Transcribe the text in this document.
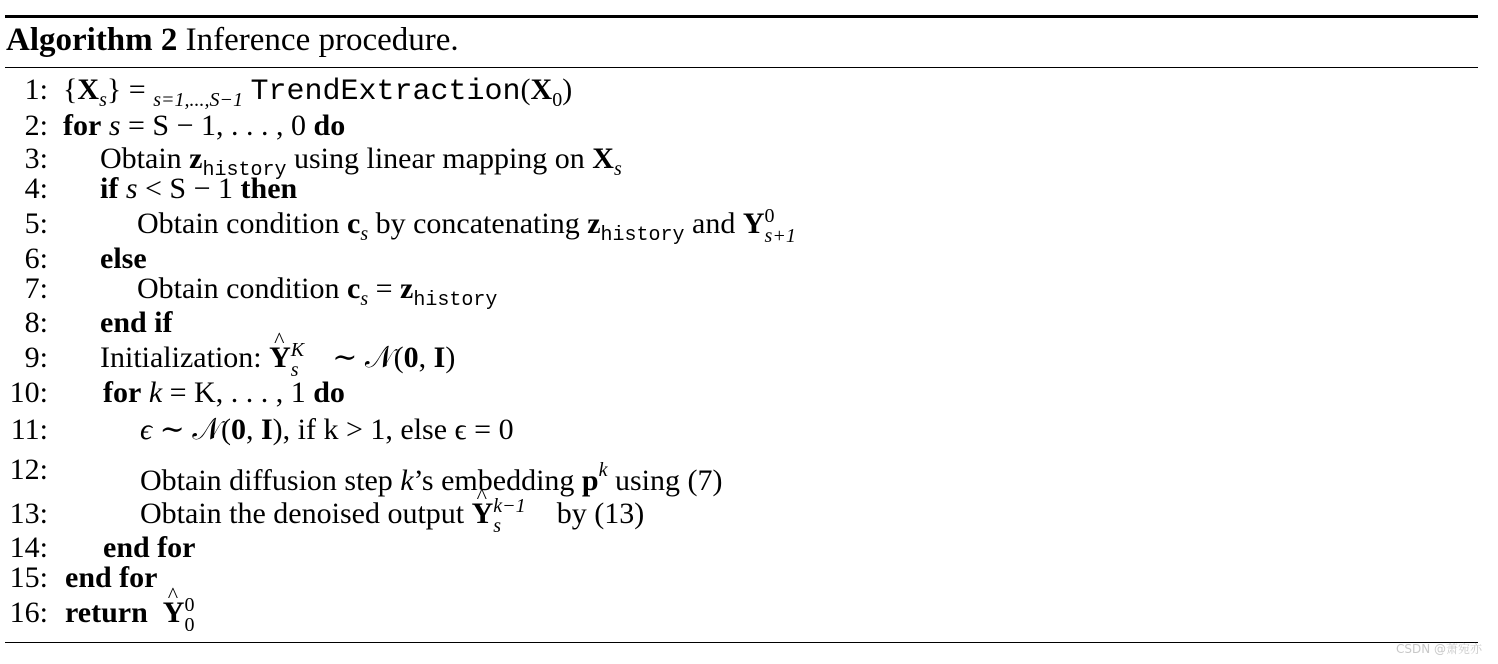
Algorithm 2 Inference procedure.
1: $\{X_s\} = _{s=1,...,S-1}$ $TrendExtraction(X_0)$
2: for s = S − 1, . . . , 0 do
3: Obtain $z_{history}$ using linear mapping on $X_s$
4: if s < S − 1 then
5:	Obtain condition $c_s$ by concatenating $z_{history}$ and Y 0
s+1
6: else
7:	Obtain condition $c_s = z_{history}$
8: end if
9: Initialization: ^ Y K
s ∼ 𝒩(0, I)
10: for k = K, . . . , 1 do
11:	ϵ ∼ 𝒩(0, I), if k > 1, else ϵ = 0
12:	Obtain diffusion step k’s embedding $p^k$ using (7)
13:	Obtain the denoised output ^ Y k−1
s by (13)
14: end for
15: end for
16: return  ^ Y 0
0
CSDN @萧宛亦
